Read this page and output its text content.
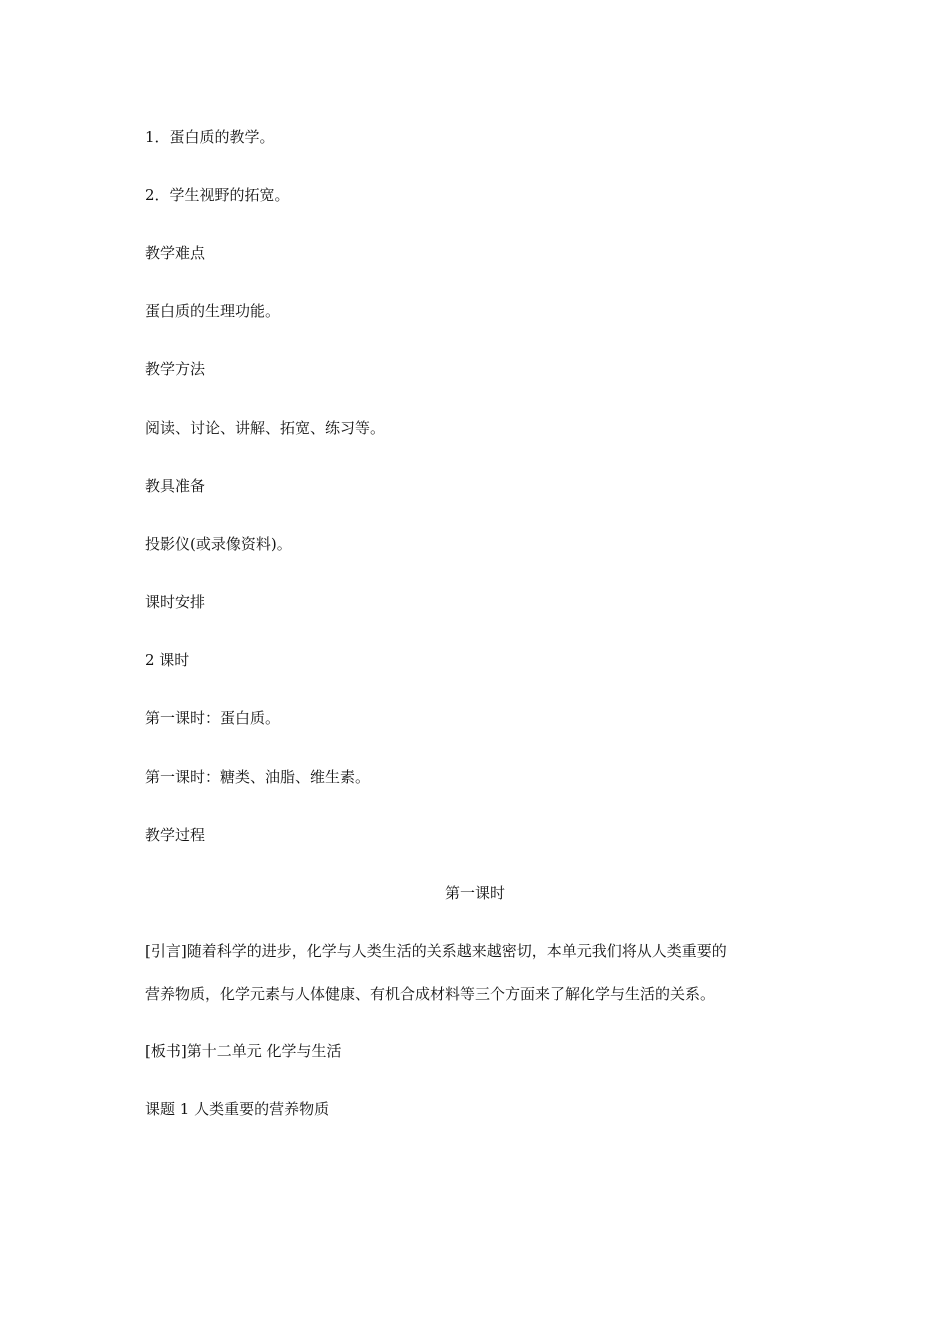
1．蛋白质的教学。
2．学生视野的拓宽。
教学难点
蛋白质的生理功能。
教学方法
阅读、讨论、讲解、拓宽、练习等。
教具准备
投影仪(或录像资料)。
课时安排
2 课时
第一课时：蛋白质。
第一课时：糖类、油脂、维生素。
教学过程
第一课时
[引言]随着科学的进步，化学与人类生活的关系越来越密切，本单元我们将从人类重要的
营养物质，化学元素与人体健康、有机合成材料等三个方面来了解化学与生活的关系。
[板书]第十二单元 化学与生活
课题 1 人类重要的营养物质
